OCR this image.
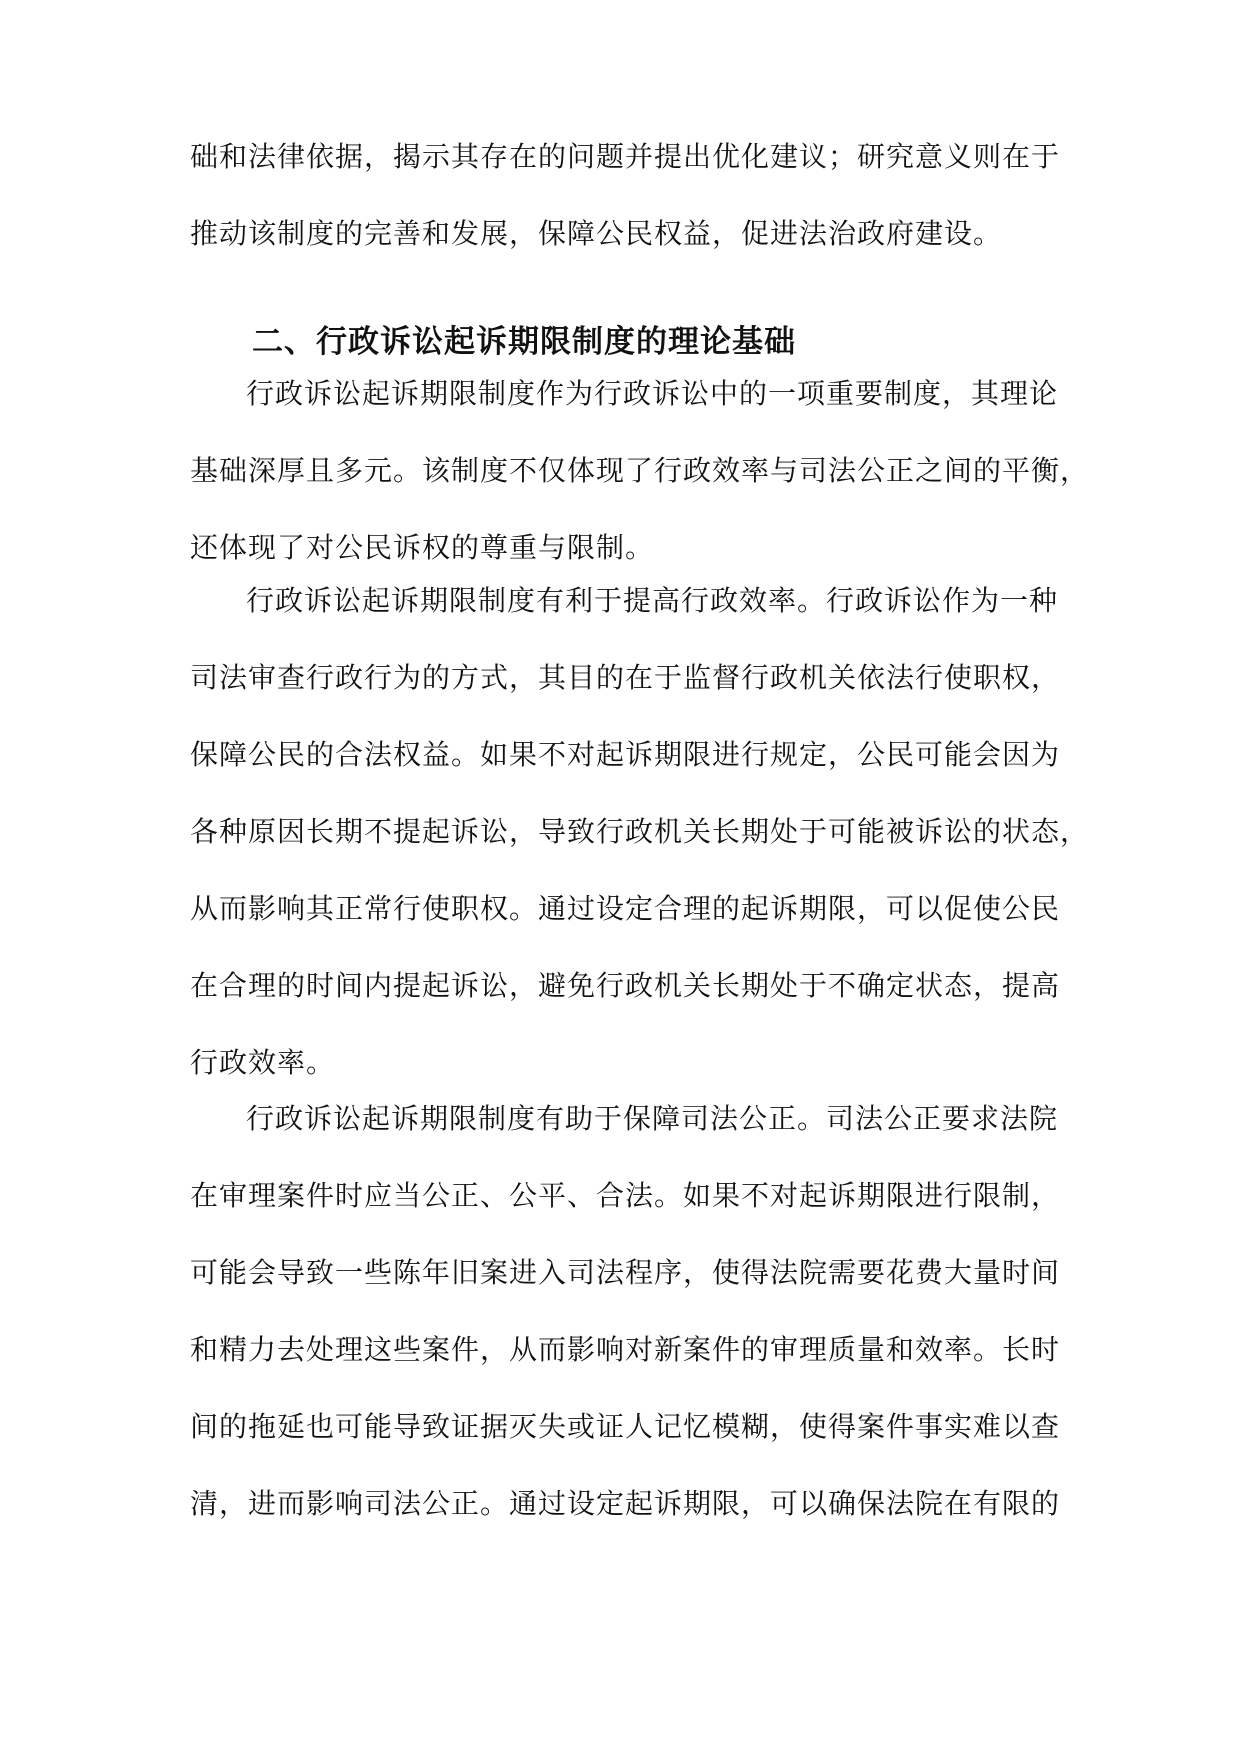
础和法律依据，揭示其存在的问题并提出优化建议；研究意义则在于
推动该制度的完善和发展，保障公民权益，促进法治政府建设。
二、行政诉讼起诉期限制度的理论基础
行政诉讼起诉期限制度作为行政诉讼中的一项重要制度，其理论
基础深厚且多元。该制度不仅体现了行政效率与司法公正之间的平衡，
还体现了对公民诉权的尊重与限制。
行政诉讼起诉期限制度有利于提高行政效率。行政诉讼作为一种
司法审查行政行为的方式，其目的在于监督行政机关依法行使职权，
保障公民的合法权益。如果不对起诉期限进行规定，公民可能会因为
各种原因长期不提起诉讼，导致行政机关长期处于可能被诉讼的状态，
从而影响其正常行使职权。通过设定合理的起诉期限，可以促使公民
在合理的时间内提起诉讼，避免行政机关长期处于不确定状态，提高
行政效率。
行政诉讼起诉期限制度有助于保障司法公正。司法公正要求法院
在审理案件时应当公正、公平、合法。如果不对起诉期限进行限制，
可能会导致一些陈年旧案进入司法程序，使得法院需要花费大量时间
和精力去处理这些案件，从而影响对新案件的审理质量和效率。长时
间的拖延也可能导致证据灭失或证人记忆模糊，使得案件事实难以查
清，进而影响司法公正。通过设定起诉期限，可以确保法院在有限的
